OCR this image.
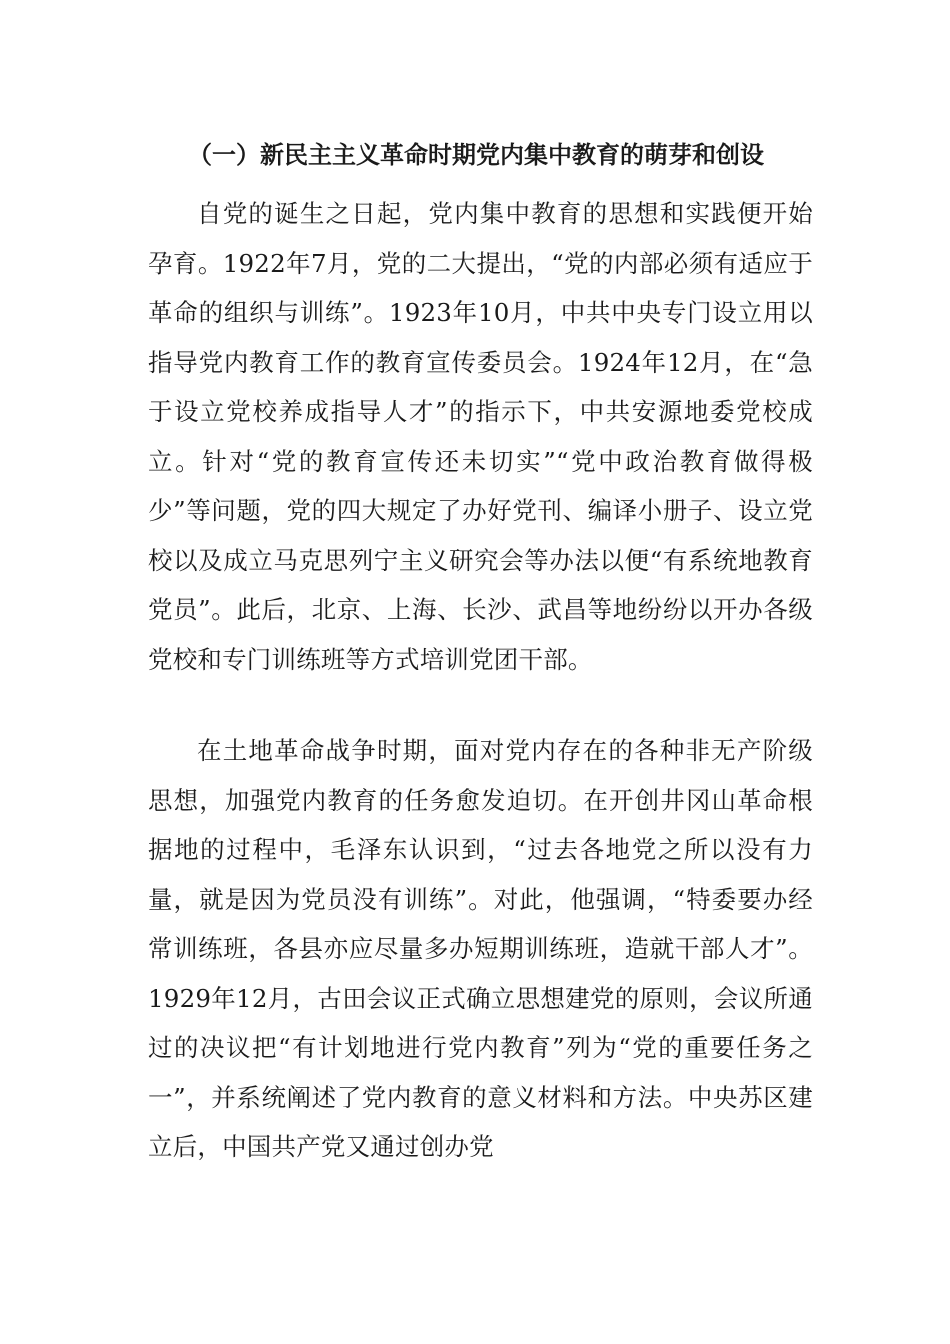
（一）新民主主义革命时期党内集中教育的萌芽和创设

自党的诞生之日起，党内集中教育的思想和实践便开始孕育。1922年7月，党的二大提出，“党的内部必须有适应于革命的组织与训练”。1923年10月，中共中央专门设立用以指导党内教育工作的教育宣传委员会。1924年12月，在“急于设立党校养成指导人才”的指示下，中共安源地委党校成立。针对“党的教育宣传还未切实”“党中政治教育做得极少”等问题，党的四大规定了办好党刊、编译小册子、设立党校以及成立马克思列宁主义研究会等办法以便“有系统地教育党员”。此后，北京、上海、长沙、武昌等地纷纷以开办各级党校和专门训练班等方式培训党团干部。

在土地革命战争时期，面对党内存在的各种非无产阶级思想，加强党内教育的任务愈发迫切。在开创井冈山革命根据地的过程中，毛泽东认识到，“过去各地党之所以没有力量，就是因为党员没有训练”。对此，他强调，“特委要办经常训练班，各县亦应尽量多办短期训练班，造就干部人才”。1929年12月，古田会议正式确立思想建党的原则，会议所通过的决议把“有计划地进行党内教育”列为“党的重要任务之一”，并系统阐述了党内教育的意义材料和方法。中央苏区建立后，中国共产党又通过创办党
